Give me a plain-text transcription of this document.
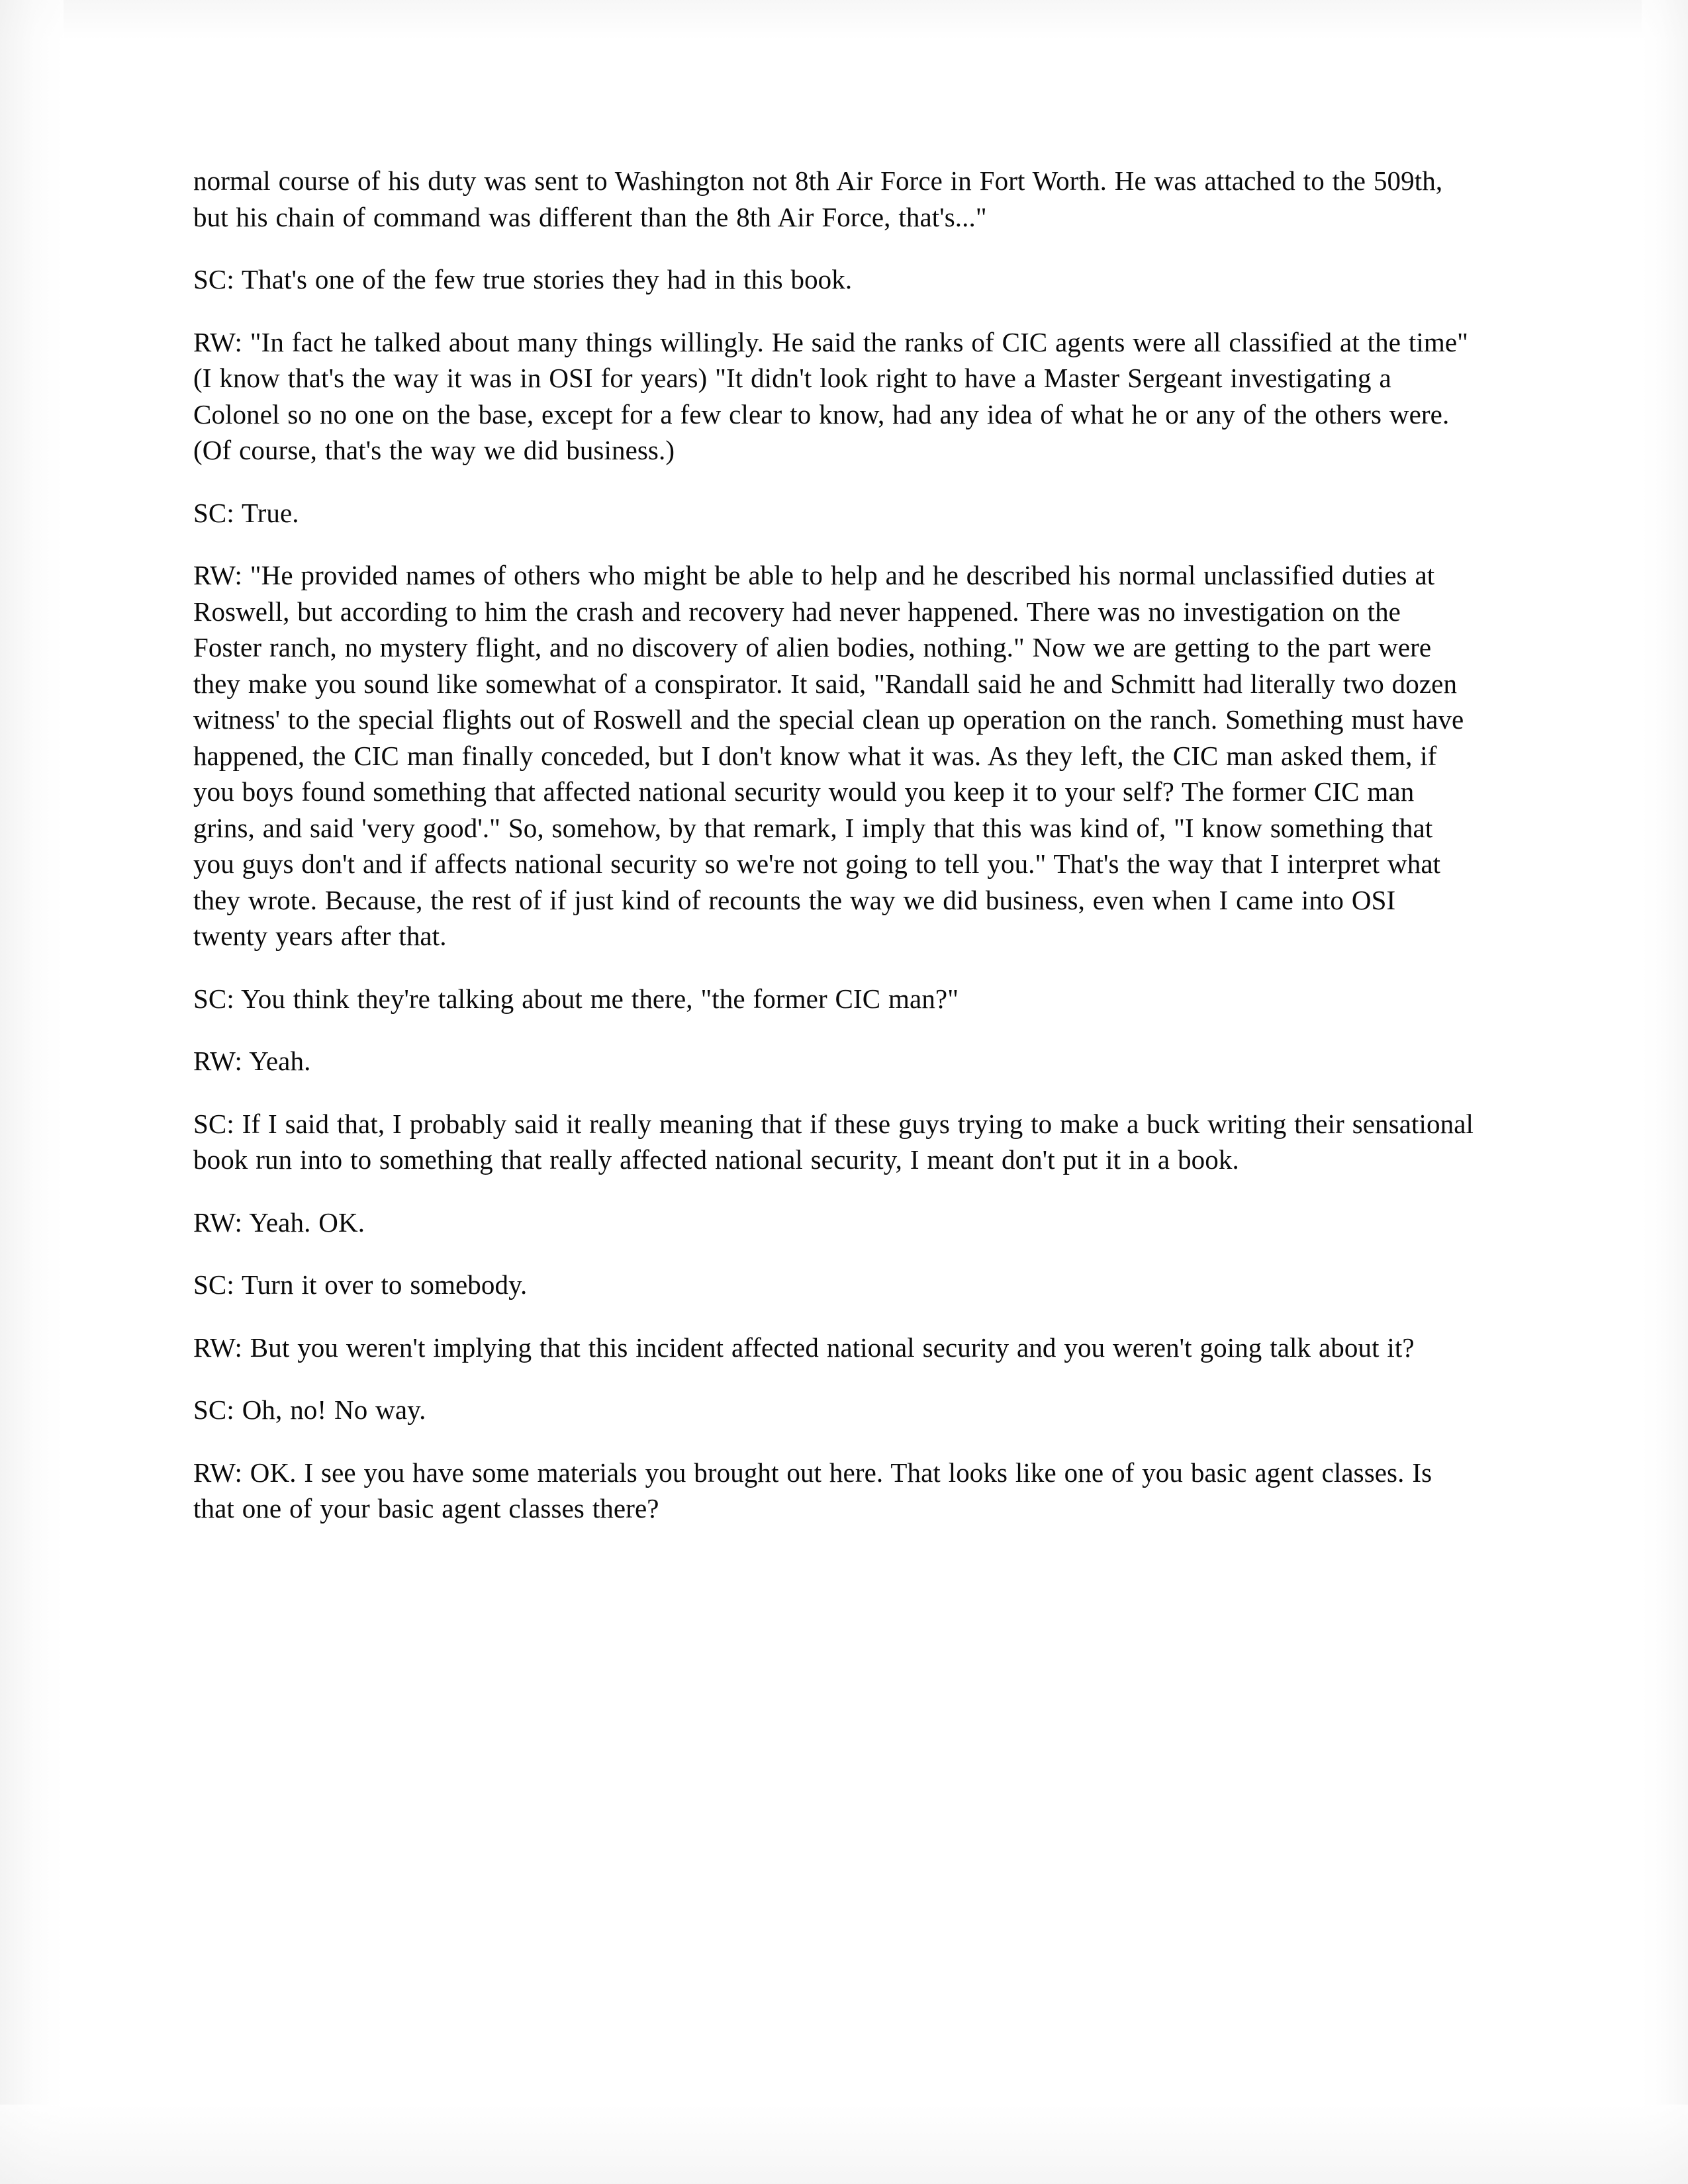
normal course of his duty was sent to Washington not 8th Air Force in Fort Worth. He was attached to the 509th, but his chain of command was different than the 8th Air Force, that's..."

SC: That's one of the few true stories they had in this book.

RW: "In fact he talked about many things willingly. He said the ranks of CIC agents were all classified at the time" (I know that's the way it was in OSI for years) "It didn't look right to have a Master Sergeant investigating a Colonel so no one on the base, except for a few clear to know, had any idea of what he or any of the others were. (Of course, that's the way we did business.)

SC: True.

RW: "He provided names of others who might be able to help and he described his normal unclassified duties at Roswell, but according to him the crash and recovery had never happened. There was no investigation on the Foster ranch, no mystery flight, and no discovery of alien bodies, nothing." Now we are getting to the part were they make you sound like somewhat of a conspirator. It said, "Randall said he and Schmitt had literally two dozen witness' to the special flights out of Roswell and the special clean up operation on the ranch. Something must have happened, the CIC man finally conceded, but I don't know what it was. As they left, the CIC man asked them, if you boys found something that affected national security would you keep it to your self? The former CIC man grins, and said 'very good'." So, somehow, by that remark, I imply that this was kind of, "I know something that you guys don't and if affects national security so we're not going to tell you." That's the way that I interpret what they wrote. Because, the rest of if just kind of recounts the way we did business, even when I came into OSI twenty years after that.

SC: You think they're talking about me there, "the former CIC man?"

RW: Yeah.

SC: If I said that, I probably said it really meaning that if these guys trying to make a buck writing their sensational book run into to something that really affected national security, I meant don't put it in a book.

RW: Yeah. OK.

SC: Turn it over to somebody.

RW: But you weren't implying that this incident affected national security and you weren't going talk about it?

SC: Oh, no! No way.

RW: OK. I see you have some materials you brought out here. That looks like one of you basic agent classes. Is that one of your basic agent classes there?
